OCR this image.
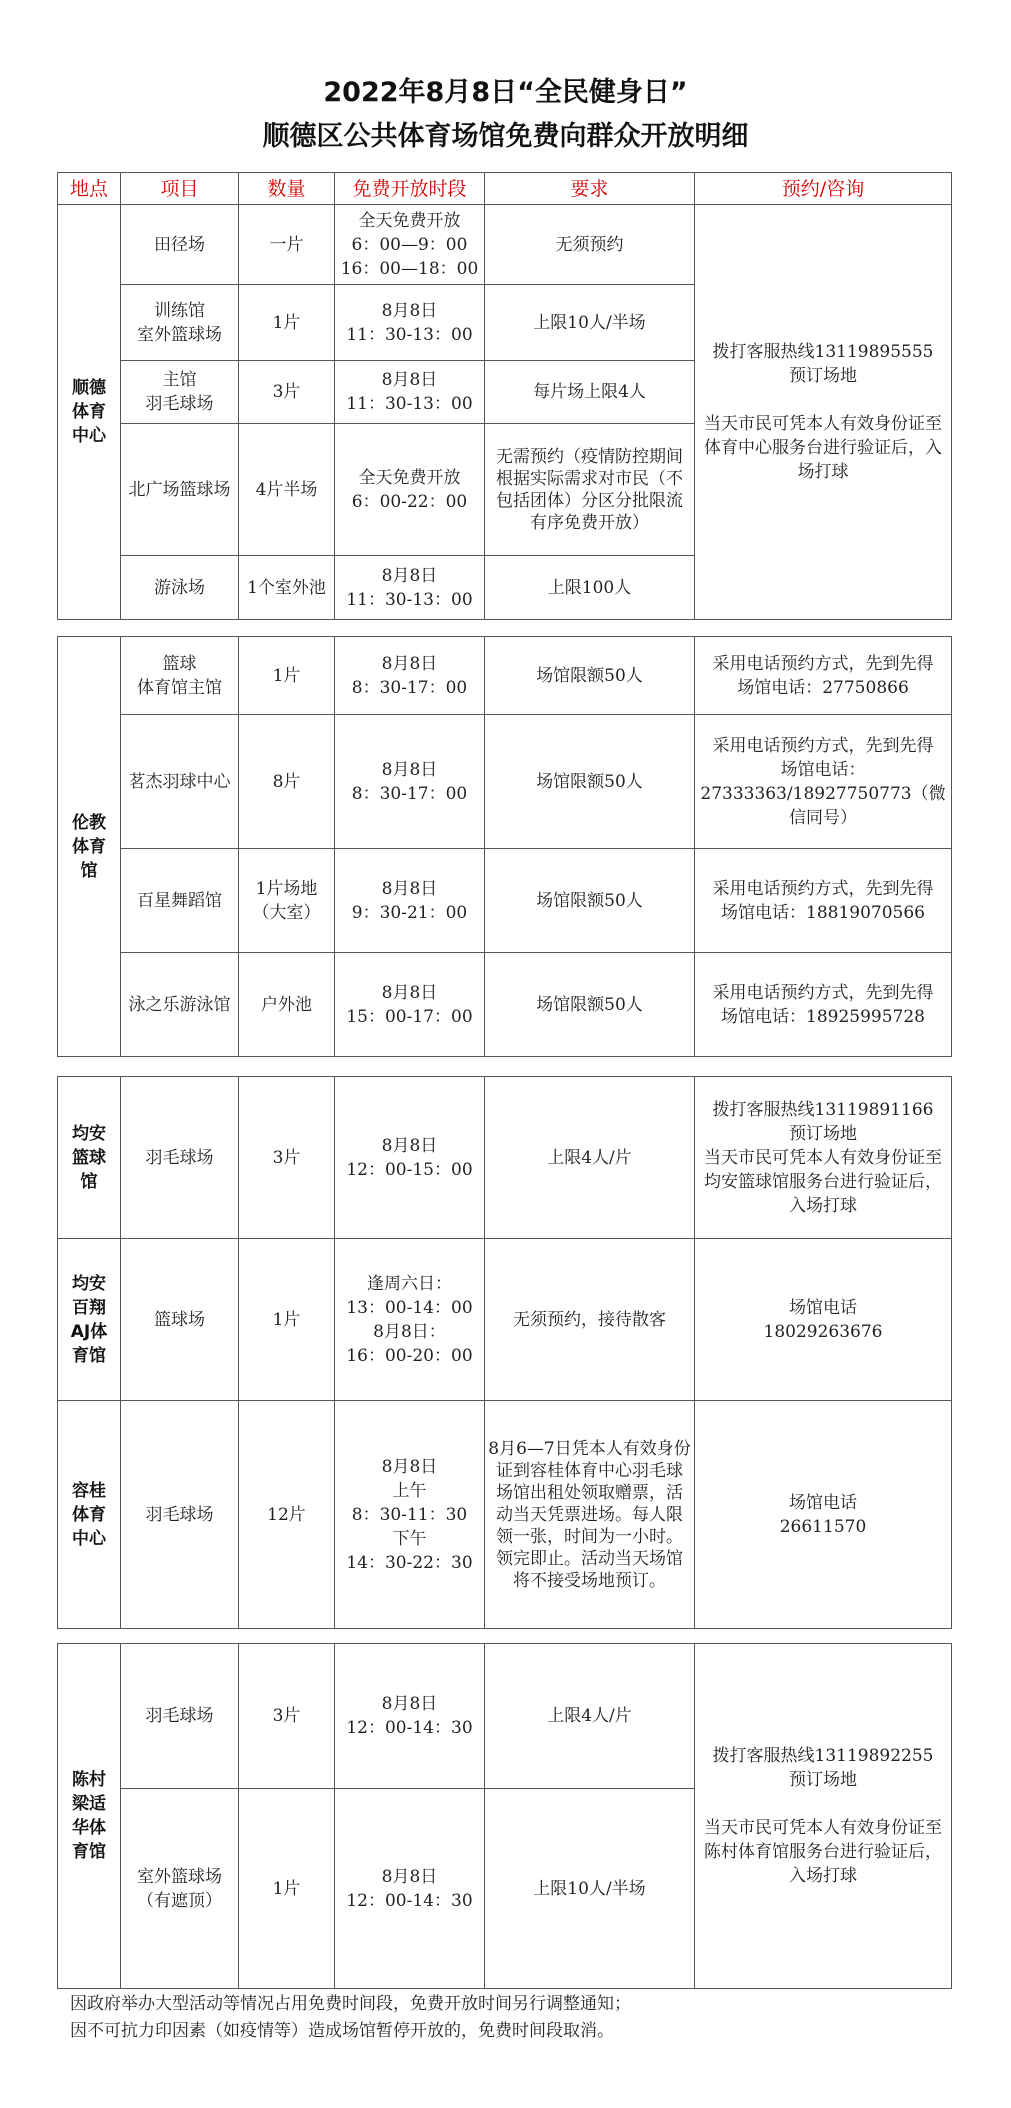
2022年8月8日“全民健身日”
顺德区公共体育场馆免费向群众开放明细
地点	项目	数量	免费开放时段	要求	预约/咨询
顺德
体育
中心	田径场	一片	全天免费开放
6：00—9：00
16：00—18：00	无须预约	拨打客服热线13119895555
预订场地

当天市民可凭本人有效身份证至体育中心服务台进行验证后，入场打球
	训练馆
室外篮球场	1片	8月8日
11：30-13：00	上限10人/半场	
	主馆
羽毛球场	3片	8月8日
11：30-13：00	每片场上限4人	
	北广场篮球场	4片半场	全天免费开放
6：00-22：00	无需预约（疫情防控期间根据实际需求对市民（不包括团体）分区分批限流有序免费开放）	
	游泳场	1个室外池	8月8日
11：30-13：00	上限100人	
伦教
体育
馆	篮球
体育馆主馆	1片	8月8日
8：30-17：00	场馆限额50人	采用电话预约方式，先到先得
场馆电话：27750866
	茗杰羽球中心	8片	8月8日
8：30-17：00	场馆限额50人	采用电话预约方式，先到先得
场馆电话：
27333363/18927750773（微信同号）
	百星舞蹈馆	1片场地
（大室）	8月8日
9：30-21：00	场馆限额50人	采用电话预约方式，先到先得
场馆电话：18819070566
	泳之乐游泳馆	户外池	8月8日
15：00-17：00	场馆限额50人	采用电话预约方式，先到先得
场馆电话：18925995728
均安
篮球
馆	羽毛球场	3片	8月8日
12：00-15：00	上限4人/片	拨打客服热线13119891166
预订场地
当天市民可凭本人有效身份证至均安篮球馆服务台进行验证后，入场打球
均安
百翔
AJ体
育馆	篮球场	1片	逢周六日：
13：00-14：00
8月8日：
16：00-20：00	无须预约，接待散客	场馆电话
18029263676
容桂
体育
中心	羽毛球场	12片	8月8日
上午
8：30-11：30
下午
14：30-22：30	8月6—7日凭本人有效身份证到容桂体育中心羽毛球场馆出租处领取赠票，活动当天凭票进场。每人限领一张，时间为一小时。领完即止。活动当天场馆将不接受场地预订。	场馆电话
26611570
陈村
梁适
华体
育馆	羽毛球场	3片	8月8日
12：00-14：30	上限4人/片	拨打客服热线13119892255
预订场地

当天市民可凭本人有效身份证至陈村体育馆服务台进行验证后，入场打球
	室外篮球场
（有遮顶）	1片	8月8日
12：00-14：30	上限10人/半场	
因政府举办大型活动等情况占用免费时间段，免费开放时间另行调整通知；
因不可抗力印因素（如疫情等）造成场馆暂停开放的，免费时间段取消。
